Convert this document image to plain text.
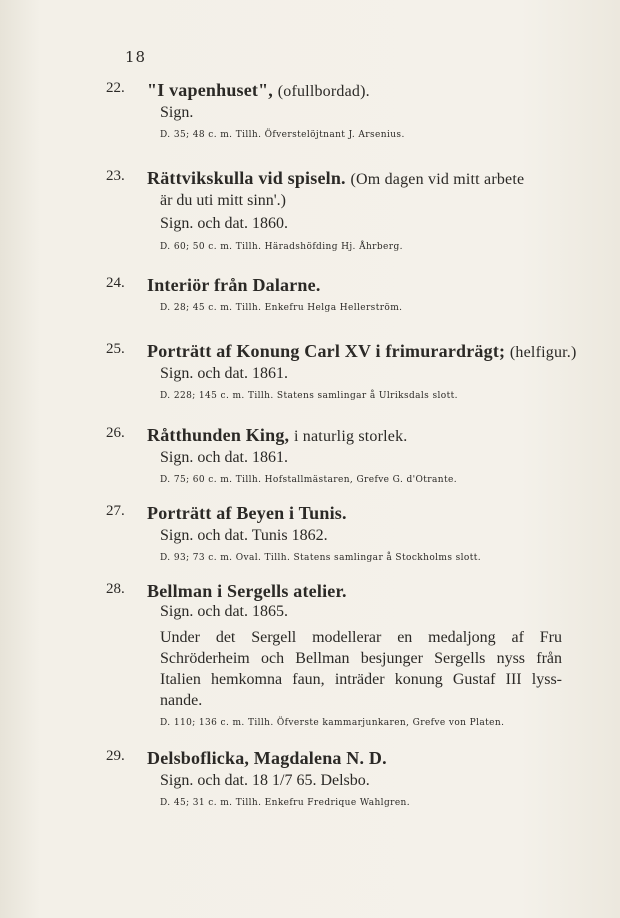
18
22. "I vapenhuset", (ofullbordad).
Sign.
D. 35; 48 c. m. Tillh. Öfverstelöjtnant J. Arsenius.
23. Rättvikskulla vid spiseln. (Om dagen vid mitt arbete
är du uti mitt sinn'.)
Sign. och dat. 1860.
D. 60; 50 c. m. Tillh. Häradshöfding Hj. Åhrberg.
24. Interiör från Dalarne.
D. 28; 45 c. m. Tillh. Enkefru Helga Hellerström.
25. Porträtt af Konung Carl XV i frimurardrägt; (helfigur.)
Sign. och dat. 1861.
D. 228; 145 c. m. Tillh. Statens samlingar å Ulriksdals slott.
26. Råtthunden King, i naturlig storlek.
Sign. och dat. 1861.
D. 75; 60 c. m. Tillh. Hofstallmästaren, Grefve G. d'Otrante.
27. Porträtt af Beyen i Tunis.
Sign. och dat. Tunis 1862.
D. 93; 73 c. m. Oval. Tillh. Statens samlingar å Stockholms slott.
28. Bellman i Sergells atelier.
Sign. och dat. 1865.
Under det Sergell modellerar en medaljong af Fru
Schröderheim och Bellman besjunger Sergells nyss från
Italien hemkomna faun, inträder konung Gustaf III lyss-
nande.
D. 110; 136 c. m. Tillh. Öfverste kammarjunkaren, Grefve von Platen.
29. Delsboflicka, Magdalena N. D.
Sign. och dat. 18 1/7 65. Delsbo.
D. 45; 31 c. m. Tillh. Enkefru Fredrique Wahlgren.
